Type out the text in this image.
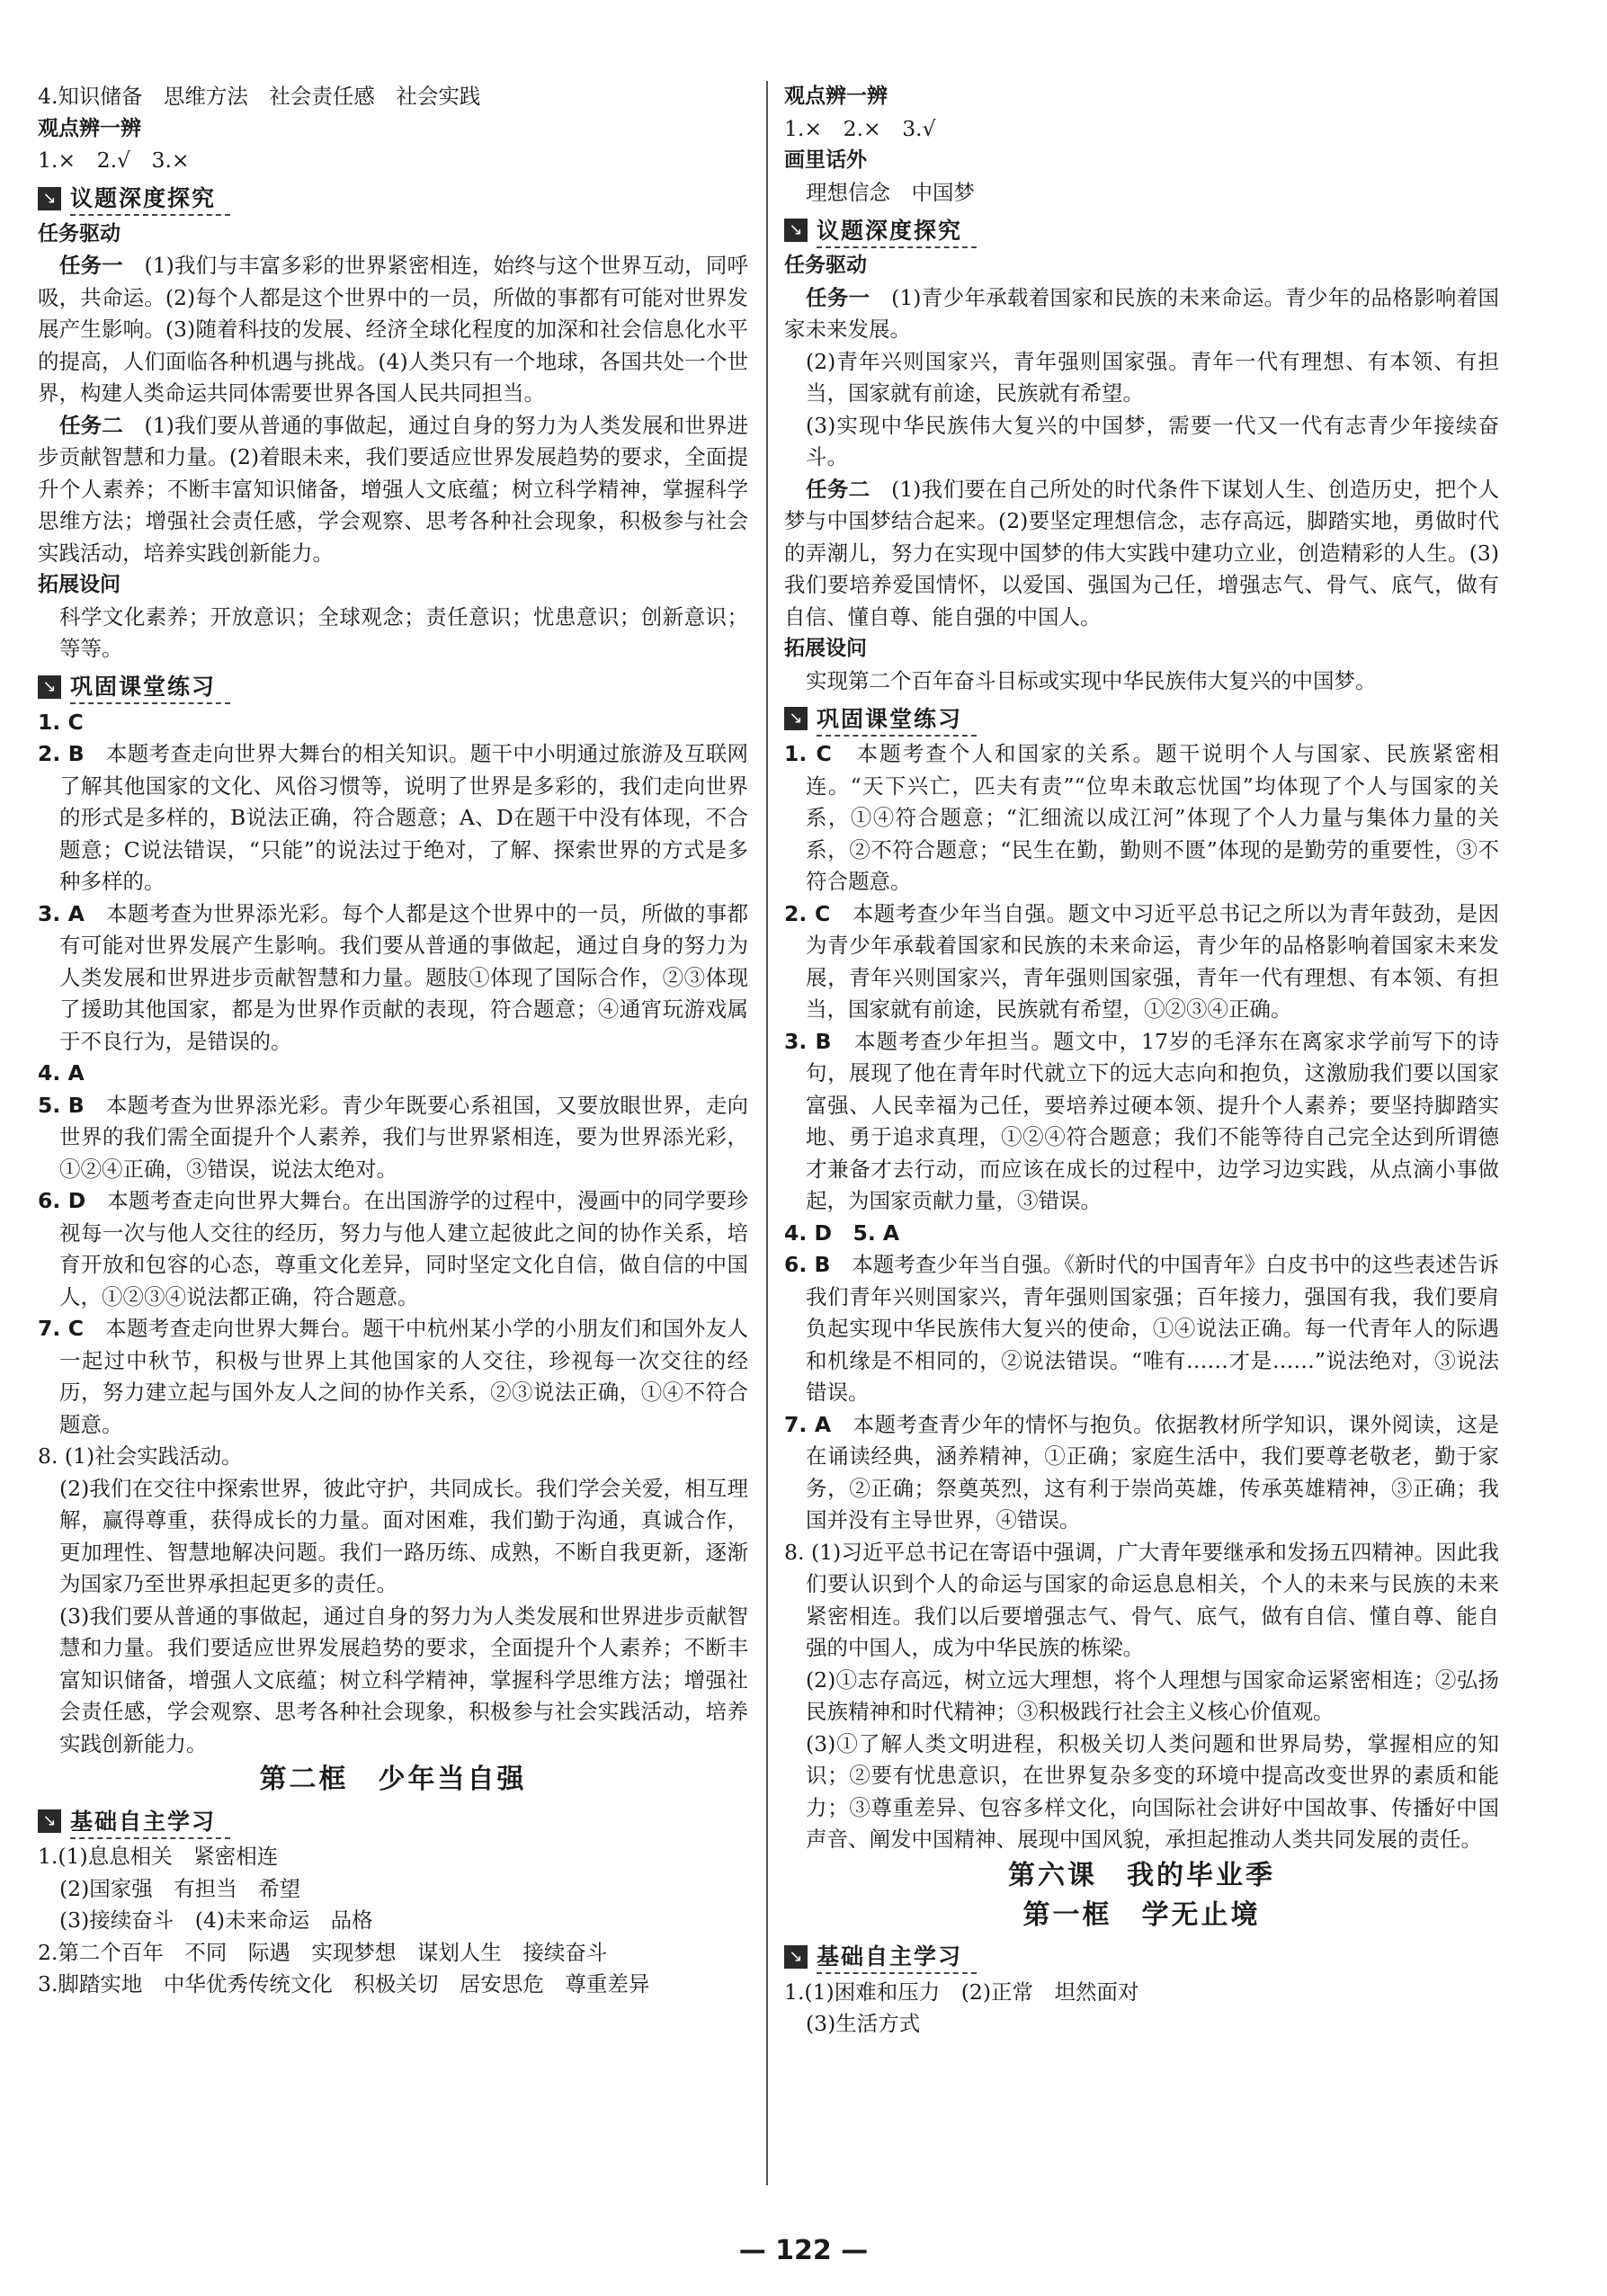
4.知识储备　思维方法　社会责任感　社会实践
观点辨一辨
1.×　2.√　3.×
↘ 议题深度探究
任务驱动

任务一　(1)我们与丰富多彩的世界紧密相连，始终与这个世界互动，同呼吸，共命运。(2)每个人都是这个世界中的一员，所做的事都有可能对世界发展产生影响。(3)随着科技的发展、经济全球化程度的加深和社会信息化水平的提高，人们面临各种机遇与挑战。(4)人类只有一个地球，各国共处一个世界，构建人类命运共同体需要世界各国人民共同担当。

任务二　(1)我们要从普通的事做起，通过自身的努力为人类发展和世界进步贡献智慧和力量。(2)着眼未来，我们要适应世界发展趋势的要求，全面提升个人素养；不断丰富知识储备，增强人文底蕴；树立科学精神，掌握科学思维方法；增强社会责任感，学会观察、思考各种社会现象，积极参与社会实践活动，培养实践创新能力。

拓展设问

科学文化素养；开放意识；全球观念；责任意识；忧患意识；创新意识；等等。

↘ 巩固课堂练习

1. C

2. B　本题考查走向世界大舞台的相关知识。题干中小明通过旅游及互联网了解其他国家的文化、风俗习惯等，说明了世界是多彩的，我们走向世界的形式是多样的，B说法正确，符合题意；A、D在题干中没有体现，不合题意；C说法错误，“只能”的说法过于绝对，了解、探索世界的方式是多种多样的。

3. A　本题考查为世界添光彩。每个人都是这个世界中的一员，所做的事都有可能对世界发展产生影响。我们要从普通的事做起，通过自身的努力为人类发展和世界进步贡献智慧和力量。题肢①体现了国际合作，②③体现了援助其他国家，都是为世界作贡献的表现，符合题意；④通宵玩游戏属于不良行为，是错误的。

4. A

5. B　本题考查为世界添光彩。青少年既要心系祖国，又要放眼世界，走向世界的我们需全面提升个人素养，我们与世界紧相连，要为世界添光彩，①②④正确，③错误，说法太绝对。

6. D　本题考查走向世界大舞台。在出国游学的过程中，漫画中的同学要珍视每一次与他人交往的经历，努力与他人建立起彼此之间的协作关系，培育开放和包容的心态，尊重文化差异，同时坚定文化自信，做自信的中国人，①②③④说法都正确，符合题意。

7. C　本题考查走向世界大舞台。题干中杭州某小学的小朋友们和国外友人一起过中秋节，积极与世界上其他国家的人交往，珍视每一次交往的经历，努力建立起与国外友人之间的协作关系，②③说法正确，①④不符合题意。

8. (1)社会实践活动。

(2)我们在交往中探索世界，彼此守护，共同成长。我们学会关爱，相互理解，赢得尊重，获得成长的力量。面对困难，我们勤于沟通，真诚合作，更加理性、智慧地解决问题。我们一路历练、成熟，不断自我更新，逐渐为国家乃至世界承担起更多的责任。

(3)我们要从普通的事做起，通过自身的努力为人类发展和世界进步贡献智慧和力量。我们要适应世界发展趋势的要求，全面提升个人素养；不断丰富知识储备，增强人文底蕴；树立科学精神，掌握科学思维方法；增强社会责任感，学会观察、思考各种社会现象，积极参与社会实践活动，培养实践创新能力。

第二框　少年当自强
↘ 基础自主学习
1.(1)息息相关　紧密相连
(2)国家强　有担当　希望
(3)接续奋斗　(4)未来命运　品格

2.第二个百年　不同　际遇　实现梦想　谋划人生　接续奋斗

3.脚踏实地　中华优秀传统文化　积极关切　居安思危　尊重差异

观点辨一辨
1.×　2.×　3.√
画里话外
理想信念　中国梦
↘ 议题深度探究
任务驱动

任务一　(1)青少年承载着国家和民族的未来命运。青少年的品格影响着国家未来发展。

(2)青年兴则国家兴，青年强则国家强。青年一代有理想、有本领、有担当，国家就有前途，民族就有希望。

(3)实现中华民族伟大复兴的中国梦，需要一代又一代有志青少年接续奋斗。

任务二　(1)我们要在自己所处的时代条件下谋划人生、创造历史，把个人梦与中国梦结合起来。(2)要坚定理想信念，志存高远，脚踏实地，勇做时代的弄潮儿，努力在实现中国梦的伟大实践中建功立业，创造精彩的人生。(3)我们要培养爱国情怀，以爱国、强国为己任，增强志气、骨气、底气，做有自信、懂自尊、能自强的中国人。

拓展设问

实现第二个百年奋斗目标或实现中华民族伟大复兴的中国梦。

↘ 巩固课堂练习

1. C　本题考查个人和国家的关系。题干说明个人与国家、民族紧密相连。“天下兴亡，匹夫有责”“位卑未敢忘忧国”均体现了个人与国家的关系，①④符合题意；“汇细流以成江河”体现了个人力量与集体力量的关系，②不符合题意；“民生在勤，勤则不匮”体现的是勤劳的重要性，③不符合题意。

2. C　本题考查少年当自强。题文中习近平总书记之所以为青年鼓劲，是因为青少年承载着国家和民族的未来命运，青少年的品格影响着国家未来发展，青年兴则国家兴，青年强则国家强，青年一代有理想、有本领、有担当，国家就有前途，民族就有希望，①②③④正确。

3. B　本题考查少年担当。题文中，17岁的毛泽东在离家求学前写下的诗句，展现了他在青年时代就立下的远大志向和抱负，这激励我们要以国家富强、人民幸福为己任，要培养过硬本领、提升个人素养；要坚持脚踏实地、勇于追求真理，①②④符合题意；我们不能等待自己完全达到所谓德才兼备才去行动，而应该在成长的过程中，边学习边实践，从点滴小事做起，为国家贡献力量，③错误。

4. D　5. A

6. B　本题考查少年当自强。《新时代的中国青年》白皮书中的这些表述告诉我们青年兴则国家兴，青年强则国家强；百年接力，强国有我，我们要肩负起实现中华民族伟大复兴的使命，①④说法正确。每一代青年人的际遇和机缘是不相同的，②说法错误。“唯有……才是……”说法绝对，③说法错误。

7. A　本题考查青少年的情怀与抱负。依据教材所学知识，课外阅读，这是在诵读经典，涵养精神，①正确；家庭生活中，我们要尊老敬老，勤于家务，②正确；祭奠英烈，这有利于崇尚英雄，传承英雄精神，③正确；我国并没有主导世界，④错误。

8. (1)习近平总书记在寄语中强调，广大青年要继承和发扬五四精神。因此我们要认识到个人的命运与国家的命运息息相关，个人的未来与民族的未来紧密相连。我们以后要增强志气、骨气、底气，做有自信、懂自尊、能自强的中国人，成为中华民族的栋梁。

(2)①志存高远，树立远大理想，将个人理想与国家命运紧密相连；②弘扬民族精神和时代精神；③积极践行社会主义核心价值观。

(3)①了解人类文明进程，积极关切人类问题和世界局势，掌握相应的知识；②要有忧患意识，在世界复杂多变的环境中提高改变世界的素质和能力；③尊重差异、包容多样文化，向国际社会讲好中国故事、传播好中国声音、阐发中国精神、展现中国风貌，承担起推动人类共同发展的责任。

第六课　我的毕业季
第一框　学无止境
↘ 基础自主学习
1.(1)困难和压力　(2)正常　坦然面对
(3)生活方式
— 122 —
